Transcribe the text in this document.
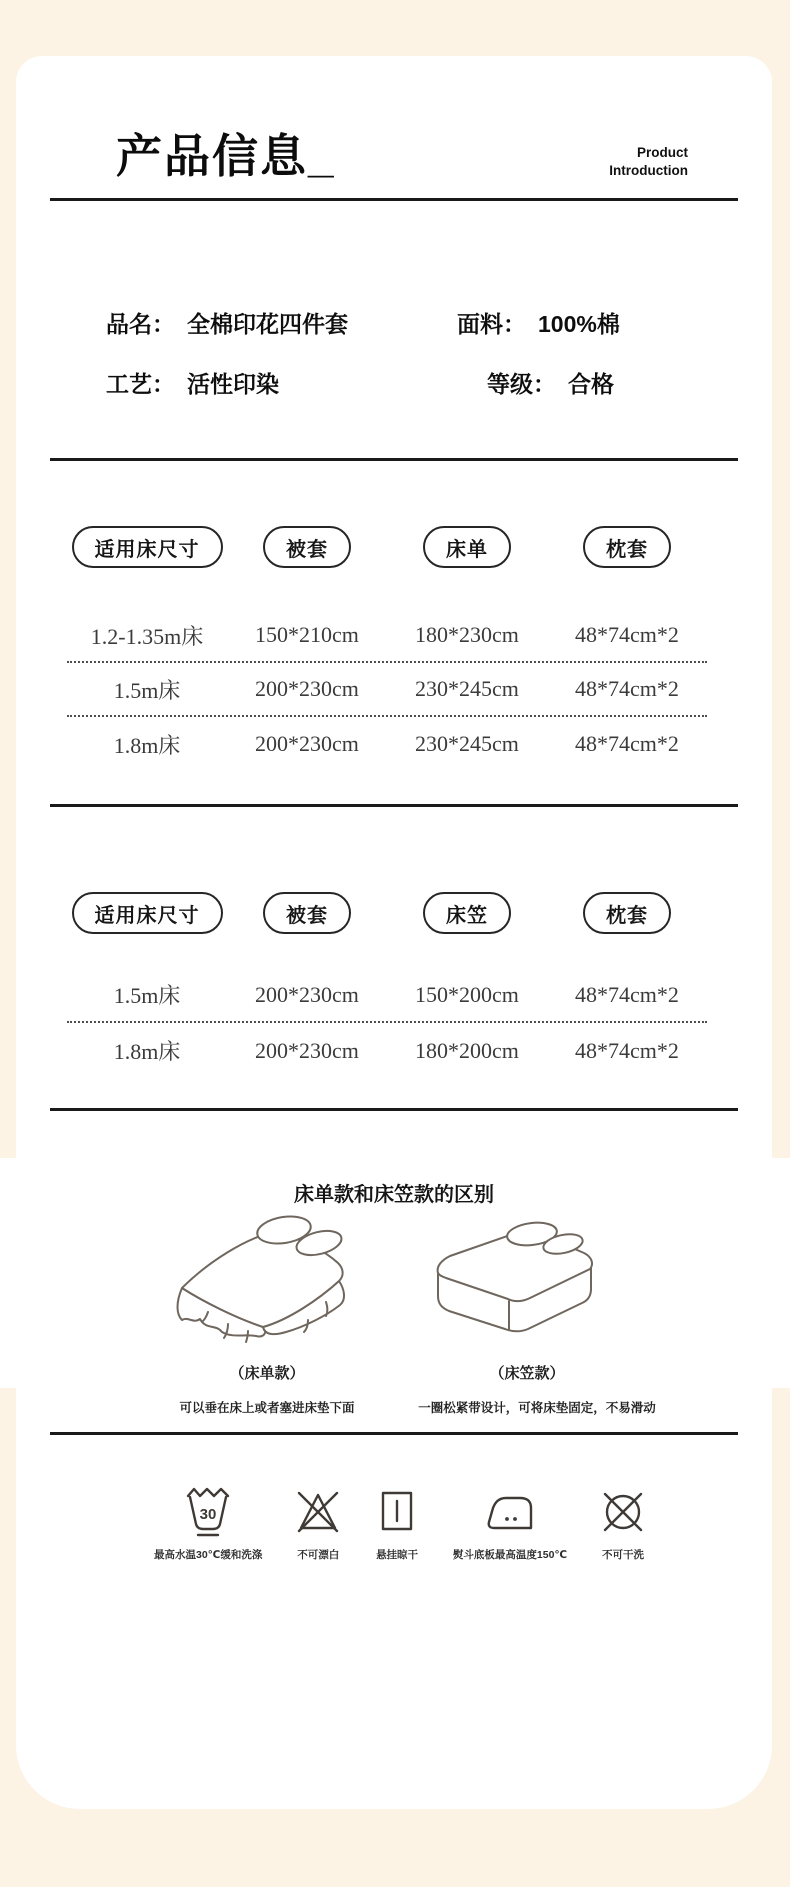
产品信息_	Product
Introduction
品名： 全棉印花四件套	面料： 100%棉
工艺： 活性印染	等级： 合格
适用床尺寸	被套	床单	枕套
1.2-1.35m床	150*210cm	180*230cm	48*74cm*2
1.5m床	200*230cm	230*245cm	48*74cm*2
1.8m床	200*230cm	230*245cm	48*74cm*2
适用床尺寸	被套	床笠	枕套
1.5m床	200*230cm	150*200cm	48*74cm*2
1.8m床	200*230cm	180*200cm	48*74cm*2
床单款和床笠款的区别
（床单款）	（床笠款）
可以垂在床上或者塞进床垫下面	一圈松紧带设计，可将床垫固定，不易滑动
30
最高水温30℃缓和洗涤	不可漂白	悬挂晾干	熨斗底板最高温度150℃	不可干洗
